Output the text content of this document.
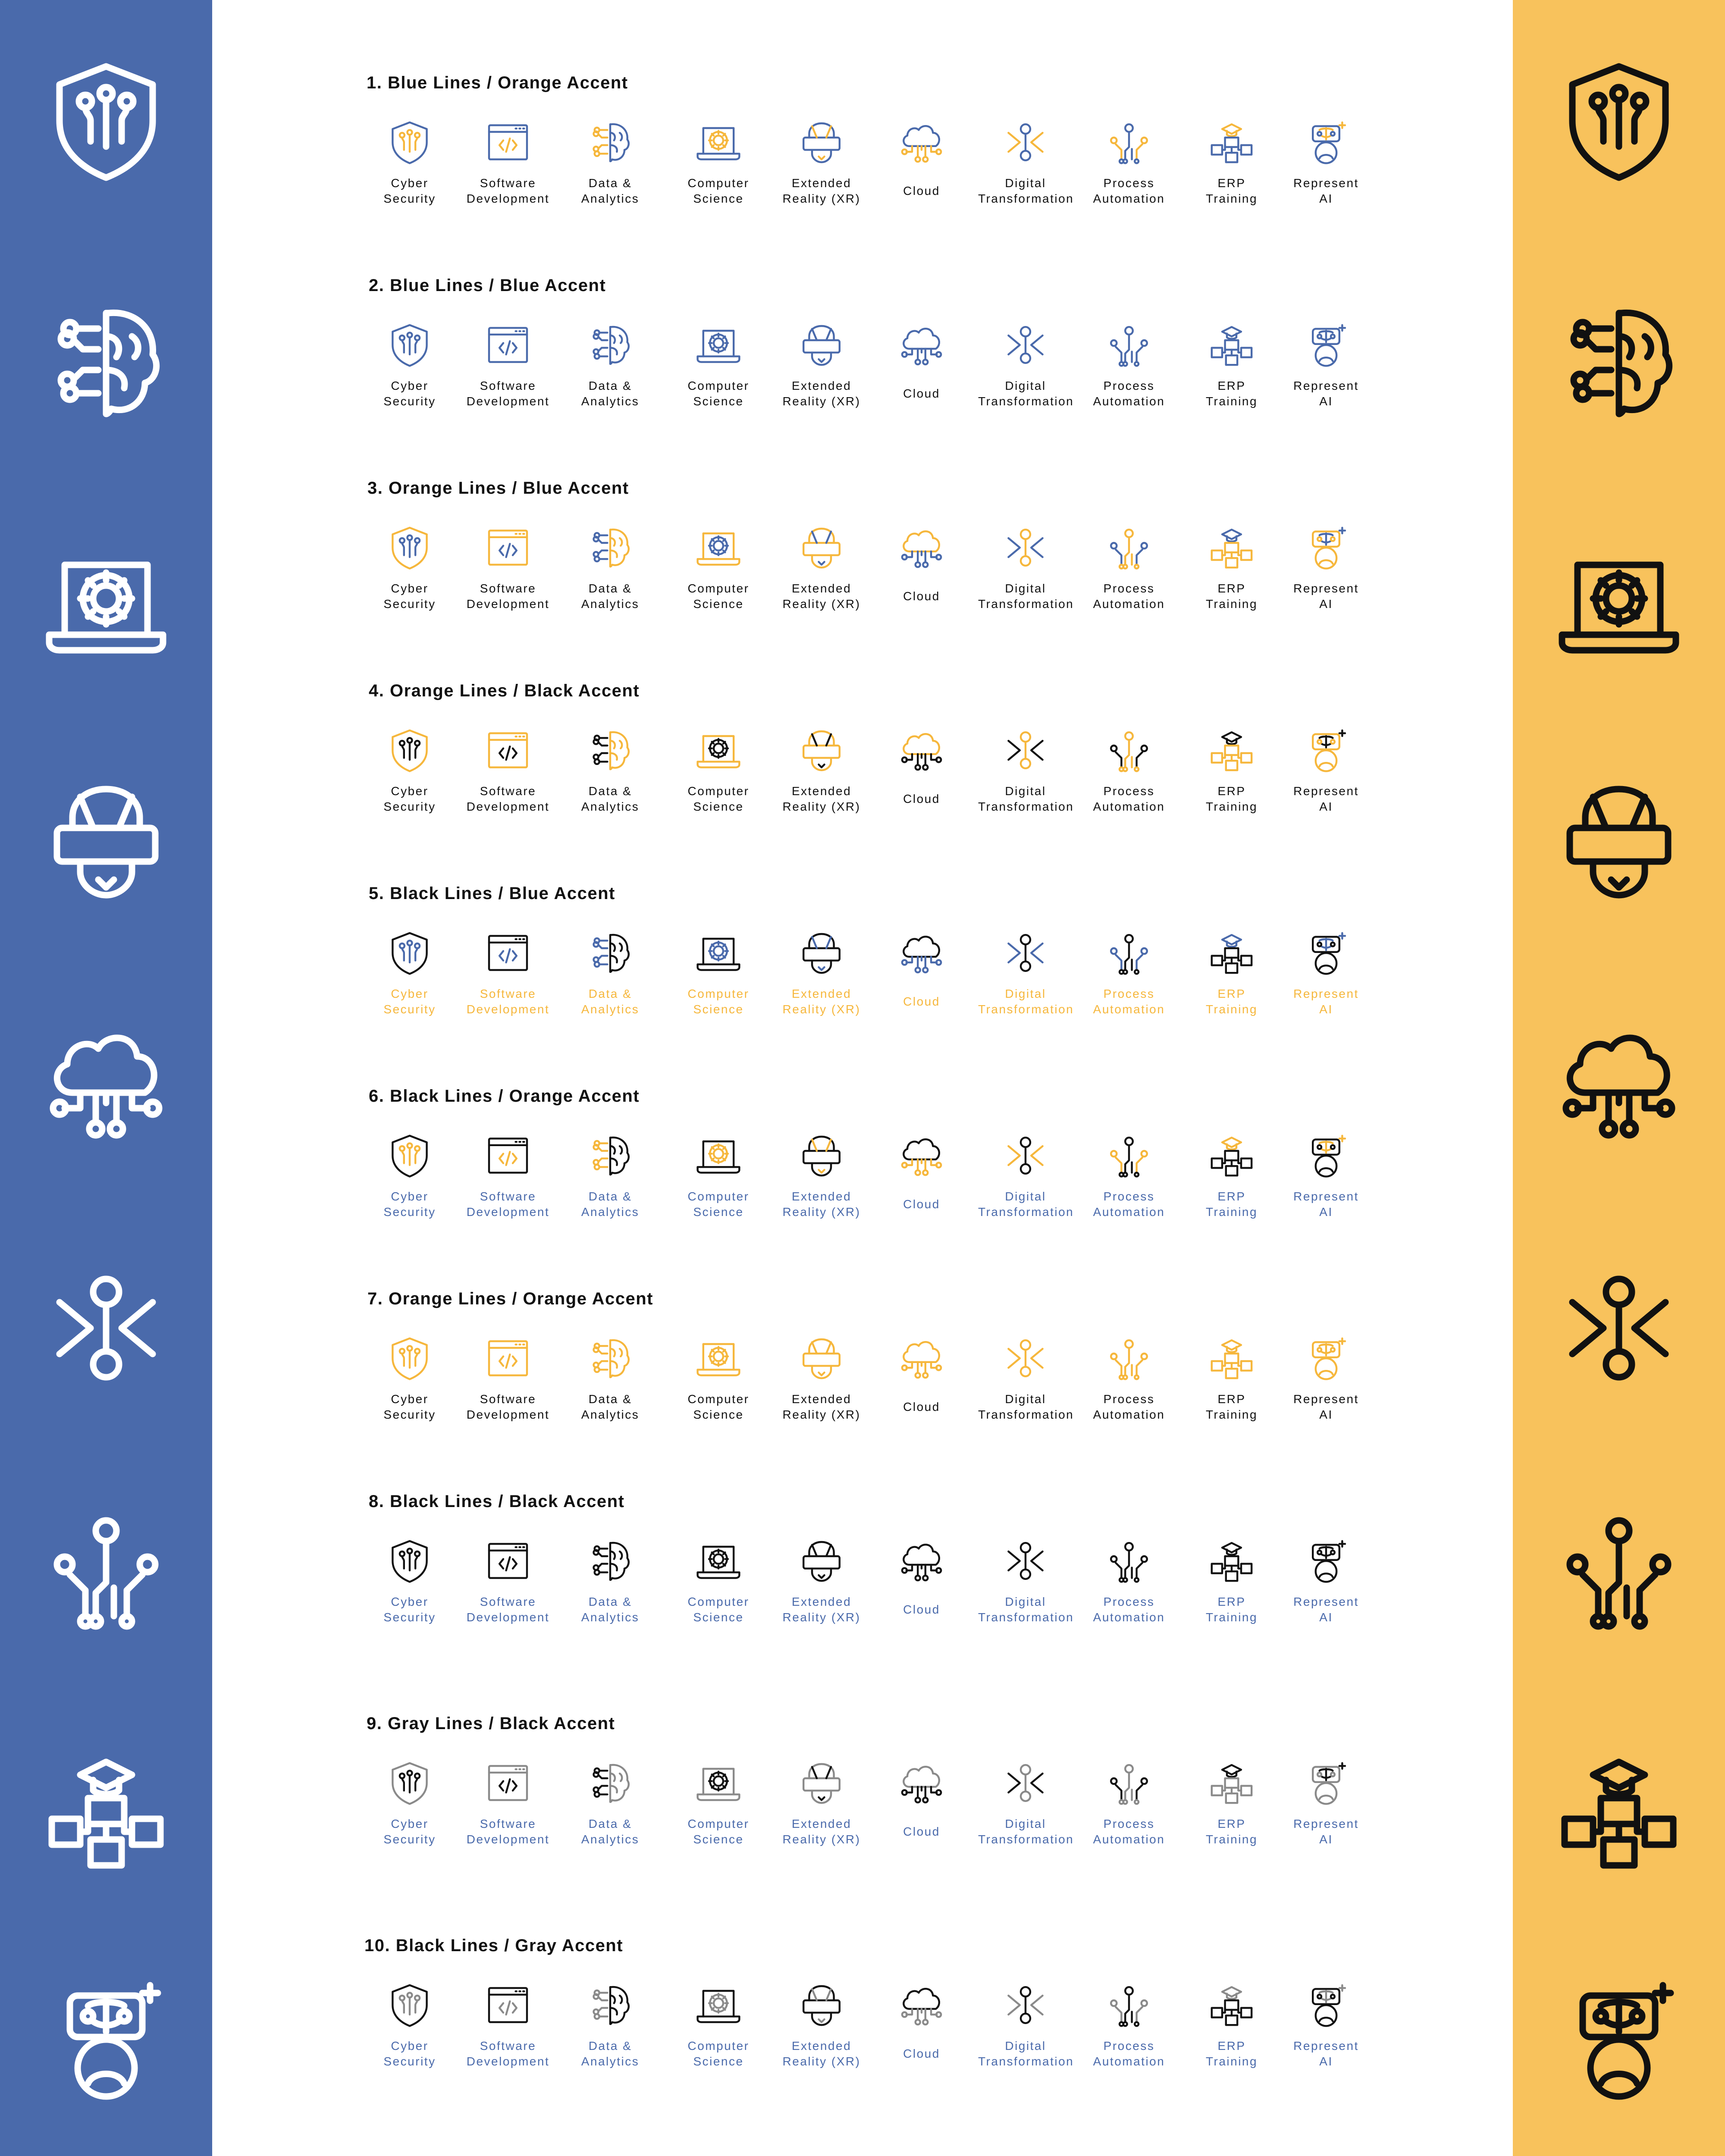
1. Blue Lines / Orange Accent
Cyber
Security
Software
Development
Data &
Analytics
Computer
Science
Extended
Reality (XR)
Cloud
Digital
Transformation
Process
Automation
ERP
Training
Represent
AI
2. Blue Lines / Blue Accent
Cyber
Security
Software
Development
Data &
Analytics
Computer
Science
Extended
Reality (XR)
Cloud
Digital
Transformation
Process
Automation
ERP
Training
Represent
AI
3. Orange Lines / Blue Accent
Cyber
Security
Software
Development
Data &
Analytics
Computer
Science
Extended
Reality (XR)
Cloud
Digital
Transformation
Process
Automation
ERP
Training
Represent
AI
4. Orange Lines / Black Accent
Cyber
Security
Software
Development
Data &
Analytics
Computer
Science
Extended
Reality (XR)
Cloud
Digital
Transformation
Process
Automation
ERP
Training
Represent
AI
5. Black Lines / Blue Accent
Cyber
Security
Software
Development
Data &
Analytics
Computer
Science
Extended
Reality (XR)
Cloud
Digital
Transformation
Process
Automation
ERP
Training
Represent
AI
6. Black Lines / Orange Accent
Cyber
Security
Software
Development
Data &
Analytics
Computer
Science
Extended
Reality (XR)
Cloud
Digital
Transformation
Process
Automation
ERP
Training
Represent
AI
7. Orange Lines / Orange Accent
Cyber
Security
Software
Development
Data &
Analytics
Computer
Science
Extended
Reality (XR)
Cloud
Digital
Transformation
Process
Automation
ERP
Training
Represent
AI
8. Black Lines / Black Accent
Cyber
Security
Software
Development
Data &
Analytics
Computer
Science
Extended
Reality (XR)
Cloud
Digital
Transformation
Process
Automation
ERP
Training
Represent
AI
9. Gray Lines / Black Accent
Cyber
Security
Software
Development
Data &
Analytics
Computer
Science
Extended
Reality (XR)
Cloud
Digital
Transformation
Process
Automation
ERP
Training
Represent
AI
10. Black Lines / Gray Accent
Cyber
Security
Software
Development
Data &
Analytics
Computer
Science
Extended
Reality (XR)
Cloud
Digital
Transformation
Process
Automation
ERP
Training
Represent
AI
